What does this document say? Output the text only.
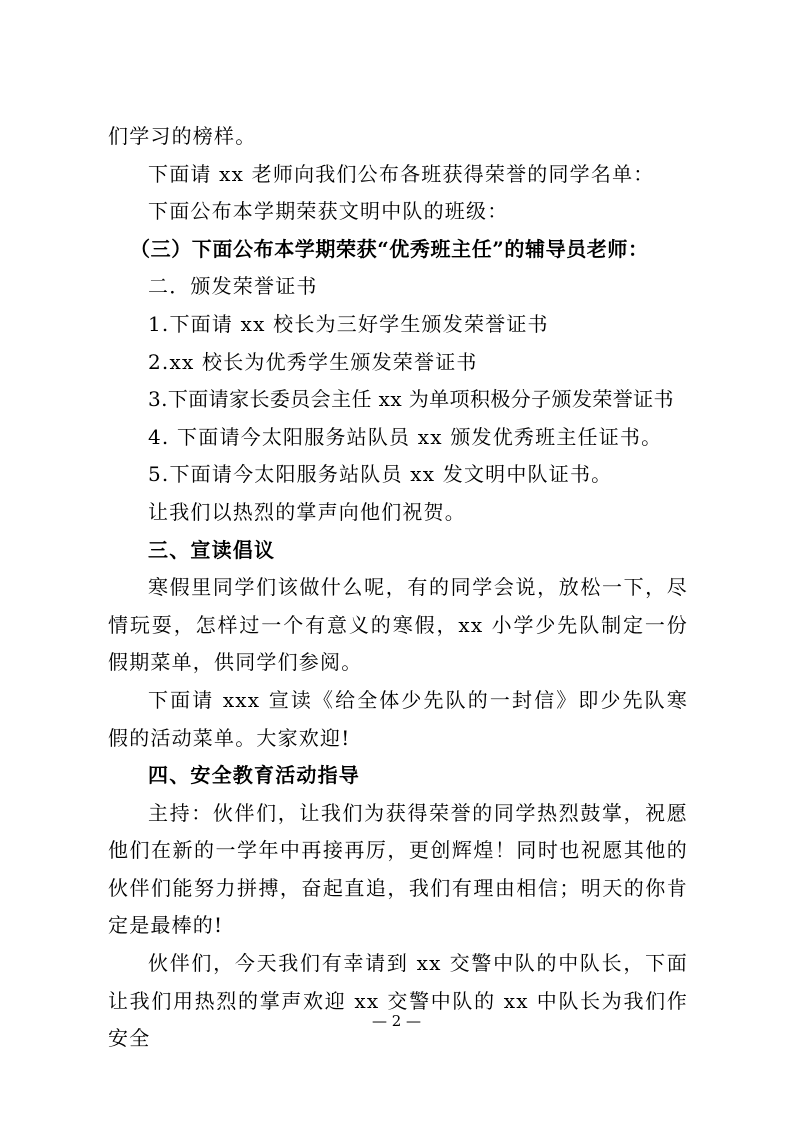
们学习的榜样。

下面请 xx 老师向我们公布各班获得荣誉的同学名单：

下面公布本学期荣获文明中队的班级：

（三）下面公布本学期荣获“优秀班主任”的辅导员老师：

二．颁发荣誉证书

1.下面请 xx 校长为三好学生颁发荣誉证书

2.xx 校长为优秀学生颁发荣誉证书

3.下面请家长委员会主任 xx 为单项积极分子颁发荣誉证书

4. 下面请今太阳服务站队员 xx 颁发优秀班主任证书。

5.下面请今太阳服务站队员 xx 发文明中队证书。

让我们以热烈的掌声向他们祝贺。

三、宣读倡议

寒假里同学们该做什么呢，有的同学会说，放松一下，尽情玩耍，怎样过一个有意义的寒假，xx 小学少先队制定一份假期菜单，供同学们参阅。

下面请 xxx 宣读《给全体少先队的一封信》即少先队寒假的活动菜单。大家欢迎!

四、安全教育活动指导

主持：伙伴们，让我们为获得荣誉的同学热烈鼓掌，祝愿他们在新的一学年中再接再厉，更创辉煌！同时也祝愿其他的伙伴们能努力拼搏，奋起直追，我们有理由相信；明天的你肯定是最棒的!

伙伴们，今天我们有幸请到 xx 交警中队的中队长，下面让我们用热烈的掌声欢迎 xx 交警中队的 xx 中队长为我们作安全

— 2 —
